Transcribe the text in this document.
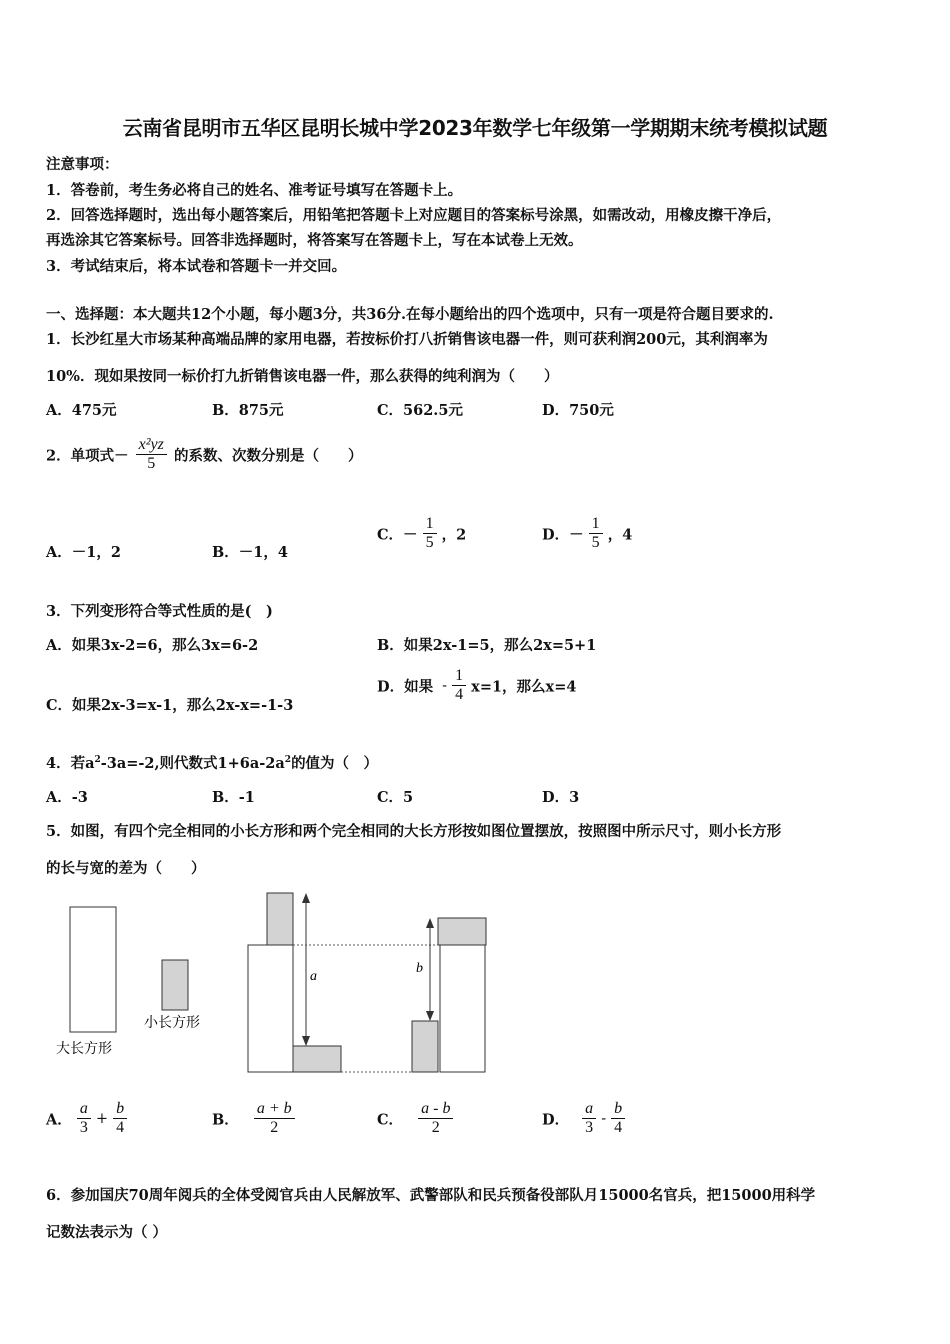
云南省昆明市五华区昆明长城中学2023年数学七年级第一学期期末统考模拟试题
注意事项：
1．答卷前，考生务必将自己的姓名、准考证号填写在答题卡上。
2．回答选择题时，选出每小题答案后，用铅笔把答题卡上对应题目的答案标号涂黑，如需改动，用橡皮擦干净后，
再选涂其它答案标号。回答非选择题时，将答案写在答题卡上，写在本试卷上无效。
3．考试结束后，将本试卷和答题卡一并交回。
一、选择题：本大题共12个小题，每小题3分，共36分.在每小题给出的四个选项中，只有一项是符合题目要求的.
1．长沙红星大市场某种高端品牌的家用电器，若按标价打八折销售该电器一件，则可获利润200元，其利润率为
10%．现如果按同一标价打九折销售该电器一件，那么获得的纯利润为（　　）
A．475元	B．875元	C．562.5元	D．750元
2．单项式－ $\frac{\text{x²yz}}{5}$ 的系数、次数分别是（　　）
A．－1，2	B．－1，4
C．－ $\frac{1}{5}$ ，2	D．－ $\frac{1}{5}$ ，4
3．下列变形符合等式性质的是(　)
A．如果3x-2=6，那么3x=6-2	B．如果2x-1=5，那么2x=5+1
C．如果2x-3=x-1，那么2x-x=-1-3
D．如果 - $\frac{1}{4} x=1$，那么x=4
4．若$a^2-3a=-2$,则代数式$1+6a-2a^2$的值为（　）
A．-3	B．-1	C．5	D．3
5．如图，有四个完全相同的小长方形和两个完全相同的大长方形按如图位置摆放，按照图中所示尺寸，则小长方形
的长与宽的差为（　　）
大长方形
小长方形
a
b
A． $\frac{a}{3} + \frac{b}{4}$	B． $\frac{a + b}{2}$	C． $\frac{a - b}{2}$	D． $\frac{a}{3} - \frac{b}{4}$
6．参加国庆70周年阅兵的全体受阅官兵由人民解放军、武警部队和民兵预备役部队月15000名官兵，把15000用科学
记数法表示为（ ）
